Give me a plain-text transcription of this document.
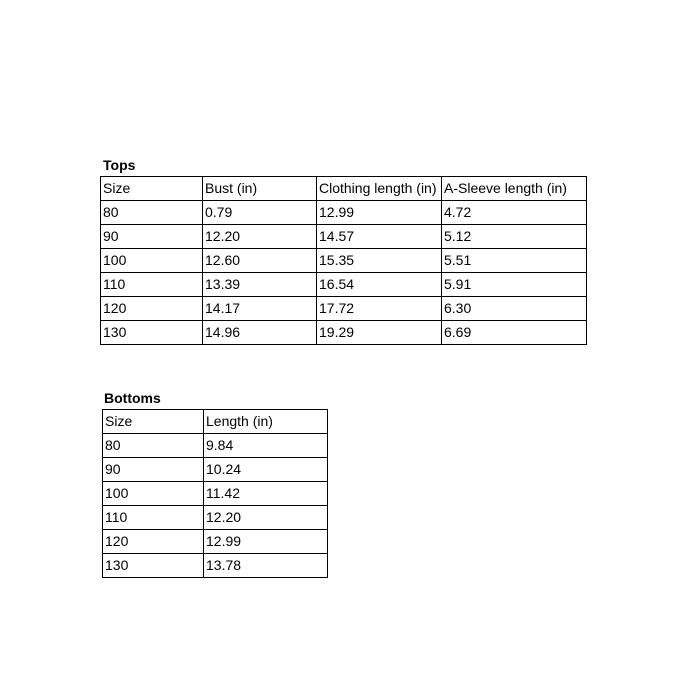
Tops
Size	Bust (in)	Clothing length (in)	A-Sleeve length (in)
80	0.79	12.99	4.72
90	12.20	14.57	5.12
100	12.60	15.35	5.51
110	13.39	16.54	5.91
120	14.17	17.72	6.30
130	14.96	19.29	6.69
Bottoms
Size	Length (in)
80	9.84
90	10.24
100	11.42
110	12.20
120	12.99
130	13.78
